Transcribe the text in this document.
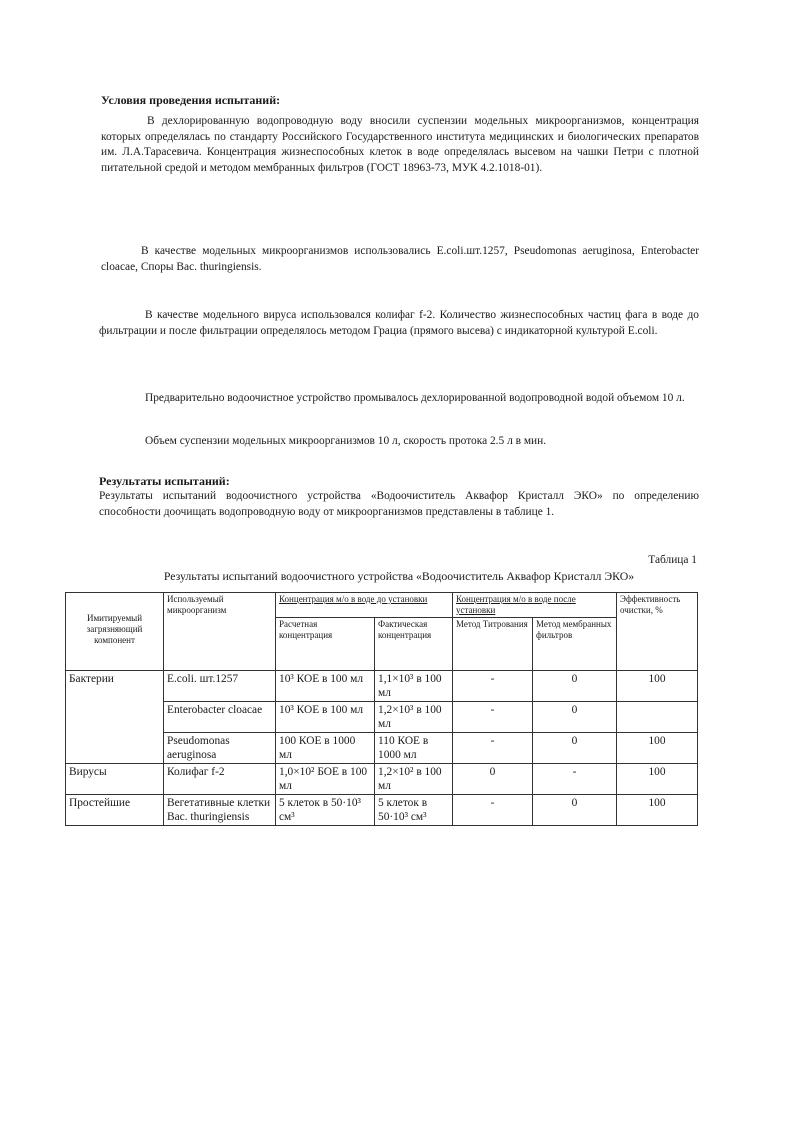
Условия проведения испытаний:

В дехлорированную водопроводную воду вносили суспензии модельных микроорганизмов, концентрация которых определялась по стандарту Российского Государственного института медицинских и биологических препаратов им. Л.А.Тарасевича. Концентрация жизнеспособных клеток в воде определялась высевом на чашки Петри с плотной питательной средой и методом мембранных фильтров (ГОСТ 18963-73, МУК 4.2.1018-01).

В качестве модельных микроорганизмов использовались E.coli.шт.1257, Pseudomonas aeruginosa, Enterobacter cloacae, Споры Bac. thuringiensis.

В качестве модельного вируса использовался колифаг f-2. Количество жизнеспособных частиц фага в воде до фильтрации и после фильтрации определялось методом Грациа (прямого высева) с индикаторной культурой E.coli.

Предварительно водоочистное устройство промывалось дехлорированной водопроводной водой объемом 10 л.

Объем суспензии модельных микроорганизмов 10 л, скорость протока 2.5 л в мин.

Результаты испытаний:

Результаты испытаний водоочистного устройства «Водоочиститель Аквафор Кристалл ЭКО» по определению способности доочищать водопроводную воду от микроорганизмов представлены в таблице 1.

Таблица 1
Результаты испытаний водоочистного устройства «Водоочиститель Аквафор Кристалл ЭКО»
Имитируемый загрязняющий компонент	Используемый микроорганизм	Концентрация м/о в воде до установки		Концентрация м/о в воде после установки		Эффективность очистки, %
		Расчетная концентрация	Фактическая концентрация	Метод Титрования	Метод мембранных фильтров	
Бактерии	E.coli. шт.1257	10³ КОЕ в 100 мл	1,1×10³ в 100 мл	-	0	100
	Enterobacter cloacae	10³ КОЕ в 100 мл	1,2×10³ в 100 мл	-	0	
	Pseudomonas aeruginosa	100 КОЕ в 1000 мл	110 КОЕ в 1000 мл	-	0	100
Вирусы	Колифаг f-2	1,0×10² БОЕ в 100 мл	1,2×10² в 100 мл	0	-	100
Простейшие	Вегетативные клетки Bac. thuringiensis	5 клеток в 50·10³ см³	5 клеток в 50·10³ см³	-	0	100
